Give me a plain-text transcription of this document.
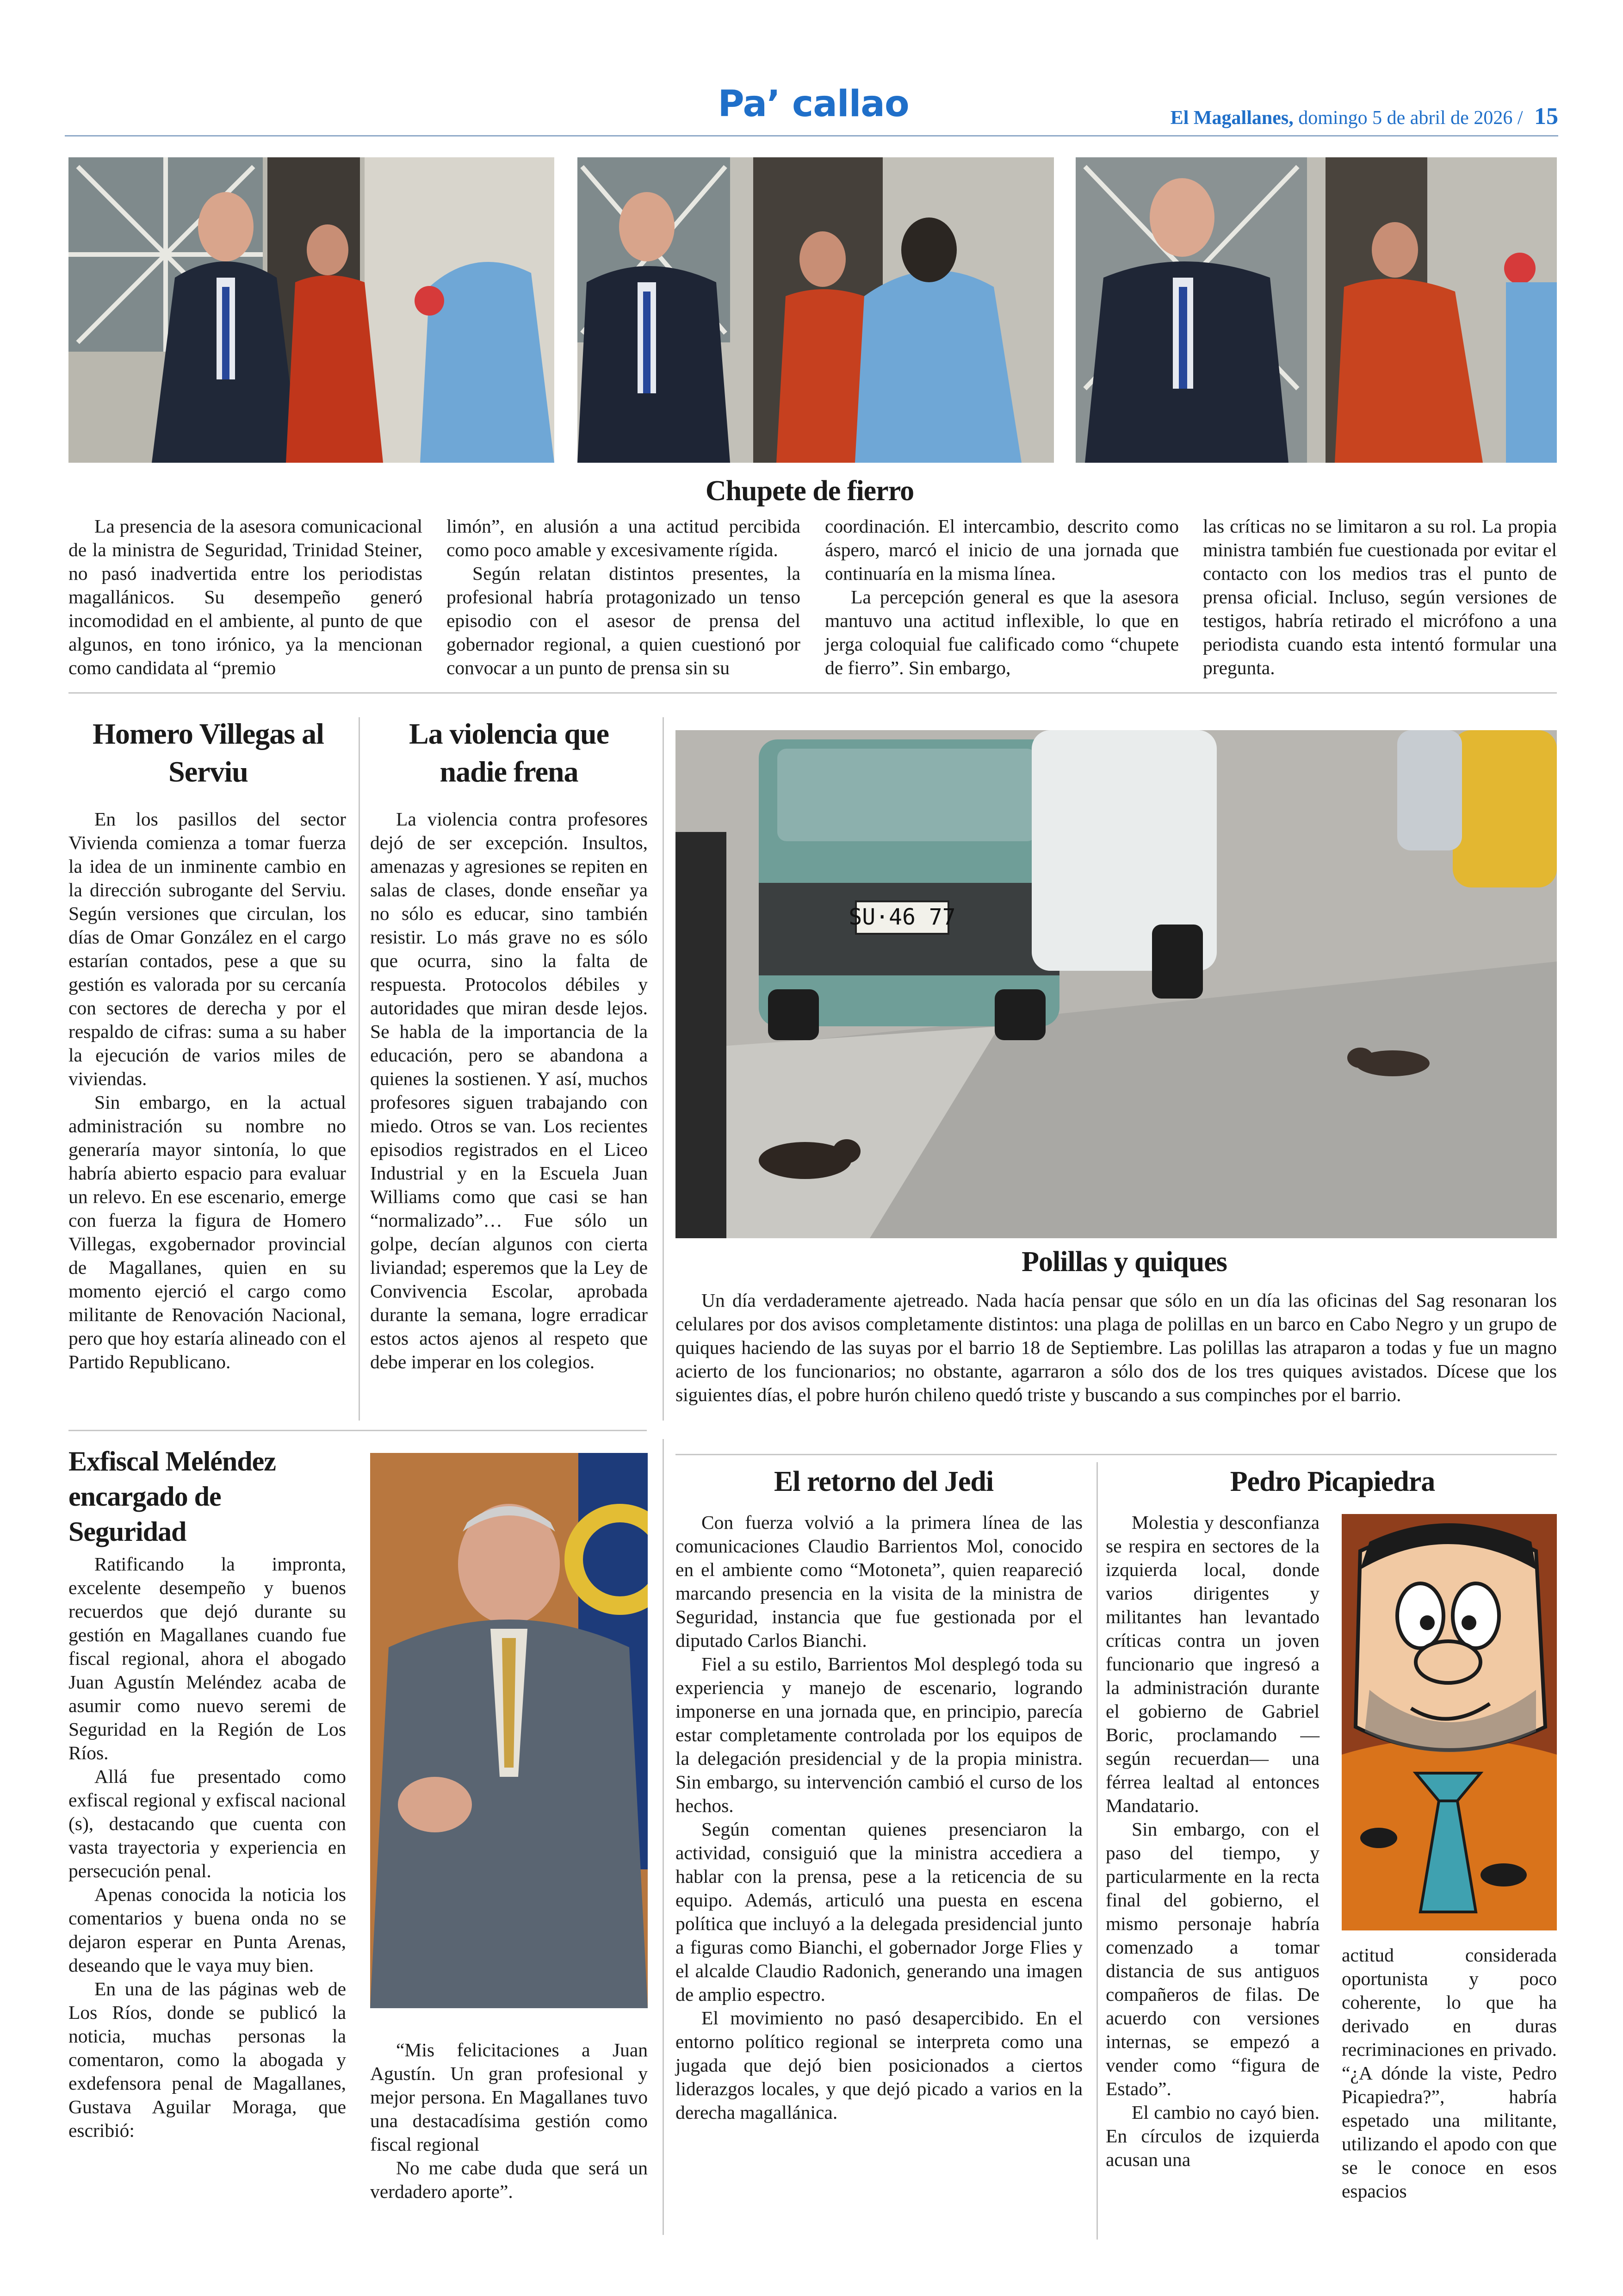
Pa’ callao	El Magallanes, domingo 5 de abril de 2026 / 15
Chupete de fierro

La presencia de la asesora comunicacional de la ministra de Seguridad, Trinidad Steiner, no pasó inadvertida entre los periodistas magallánicos. Su desempeño generó incomodidad en el ambiente, al punto de que algunos, en tono irónico, ya la mencionan como candidata al “premio

limón”, en alusión a una actitud percibida como poco amable y excesivamente rígida.

Según relatan distintos presentes, la profesional habría protagonizado un tenso episodio con el asesor de prensa del gobernador regional, a quien cuestionó por convocar a un punto de prensa sin su

coordinación. El intercambio, descrito como áspero, marcó el inicio de una jornada que continuaría en la misma línea.

La percepción general es que la asesora mantuvo una actitud inflexible, lo que en jerga coloquial fue calificado como “chupete de fierro”. Sin embargo,

las críticas no se limitaron a su rol. La propia ministra también fue cuestionada por evitar el contacto con los medios tras el punto de prensa oficial. Incluso, según versiones de testigos, habría retirado el micrófono a una periodista cuando esta intentó formular una pregunta.

Homero Villegas al Serviu

En los pasillos del sector Vivienda comienza a tomar fuerza la idea de un inminente cambio en la dirección subrogante del Serviu. Según versiones que circulan, los días de Omar González en el cargo estarían contados, pese a que su gestión es valorada por su cercanía con sectores de derecha y por el respaldo de cifras: suma a su haber la ejecución de varios miles de viviendas.

Sin embargo, en la actual administración su nombre no generaría mayor sintonía, lo que habría abierto espacio para evaluar un relevo. En ese escenario, emerge con fuerza la figura de Homero Villegas, exgobernador provincial de Magallanes, quien en su momento ejerció el cargo como militante de Renovación Nacional, pero que hoy estaría alineado con el Partido Republicano.

La violencia que nadie frena

La violencia contra profesores dejó de ser excepción. Insultos, amenazas y agresiones se repiten en salas de clases, donde enseñar ya no sólo es educar, sino también resistir. Lo más grave no es sólo que ocurra, sino la falta de respuesta. Protocolos débiles y autoridades que miran desde lejos. Se habla de la importancia de la educación, pero se abandona a quienes la sostienen. Y así, muchos profesores siguen trabajando con miedo. Otros se van. Los recientes episodios registrados en el Liceo Industrial y en la Escuela Juan Williams como que casi se han “normalizado”… Fue sólo un golpe, decían algunos con cierta liviandad; esperemos que la Ley de Convivencia Escolar, aprobada durante la semana, logre erradicar estos actos ajenos al respeto que debe imperar en los colegios.

SU·46 77
Polillas y quiques

Un día verdaderamente ajetreado. Nada hacía pensar que sólo en un día las oficinas del Sag resonaran los celulares por dos avisos completamente distintos: una plaga de polillas en un barco en Cabo Negro y un grupo de quiques haciendo de las suyas por el barrio 18 de Septiembre. Las polillas las atraparon a todas y fue un magno acierto de los funcionarios; no obstante, agarraron a sólo dos de los tres quiques avistados. Dícese que los siguientes días, el pobre hurón chileno quedó triste y buscando a sus compinches por el barrio.

Exfiscal Meléndez encargado de Seguridad

Ratificando la impronta, excelente desempeño y buenos recuerdos que dejó durante su gestión en Magallanes cuando fue fiscal regional, ahora el abogado Juan Agustín Meléndez acaba de asumir como nuevo seremi de Seguridad en la Región de Los Ríos.

Allá fue presentado como exfiscal regional y exfiscal nacional (s), destacando que cuenta con vasta trayectoria y experiencia en persecución penal.

Apenas conocida la noticia los comentarios y buena onda no se dejaron esperar en Punta Arenas, deseando que le vaya muy bien.

En una de las páginas web de Los Ríos, donde se publicó la noticia, muchas personas la comentaron, como la abogada y exdefensora penal de Magallanes, Gustava Aguilar Moraga, que escribió:

“Mis felicitaciones a Juan Agustín. Un gran profesional y mejor persona. En Magallanes tuvo una destacadísima gestión como fiscal regional

No me cabe duda que será un verdadero aporte”.

El retorno del Jedi

Con fuerza volvió a la primera línea de las comunicaciones Claudio Barrientos Mol, conocido en el ambiente como “Motoneta”, quien reapareció marcando presencia en la visita de la ministra de Seguridad, instancia que fue gestionada por el diputado Carlos Bianchi.

Fiel a su estilo, Barrientos Mol desplegó toda su experiencia y manejo de escenario, logrando imponerse en una jornada que, en principio, parecía estar completamente controlada por los equipos de la delegación presidencial y de la propia ministra. Sin embargo, su intervención cambió el curso de los hechos.

Según comentan quienes presenciaron la actividad, consiguió que la ministra accediera a hablar con la prensa, pese a la reticencia de su equipo. Además, articuló una puesta en escena política que incluyó a la delegada presidencial junto a figuras como Bianchi, el gobernador Jorge Flies y el alcalde Claudio Radonich, generando una imagen de amplio espectro.

El movimiento no pasó desapercibido. En el entorno político regional se interpreta como una jugada que dejó bien posicionados a ciertos liderazgos locales, y que dejó picado a varios en la derecha magallánica.

Pedro Picapiedra

Molestia y desconfianza se respira en sectores de la izquierda local, donde varios dirigentes y militantes han levantado críticas contra un joven funcionario que ingresó a la administración durante el gobierno de Gabriel Boric, proclamando —según recuerdan— una férrea lealtad al entonces Mandatario.

Sin embargo, con el paso del tiempo, y particularmente en la recta final del gobierno, el mismo personaje habría comenzado a tomar distancia de sus antiguos compañeros de filas. De acuerdo con versiones internas, se empezó a vender como “figura de Estado”.

El cambio no cayó bien. En círculos de izquierda acusan una

actitud considerada oportunista y poco coherente, lo que ha derivado en duras recriminaciones en privado. “¿A dónde la viste, Pedro Picapiedra?”, habría espetado una militante, utilizando el apodo con que se le conoce en esos espacios
